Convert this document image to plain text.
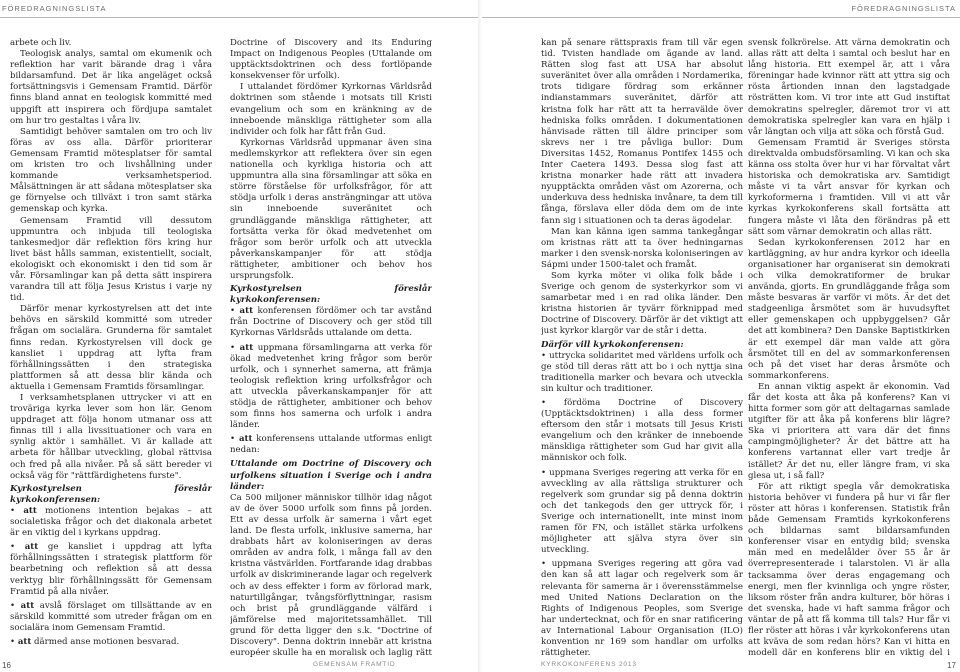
FÖREDRAGNINGSLISTA	FÖREDRAGNINGSLISTA

arbete och liv.

Teologisk analys, samtal om ekumenik och reflektion har varit bärande drag i våra bildarsamfund. Det är lika angeläget också fortsättningsvis i Gemensam Framtid. Därför finns bland annat en teologisk kommitté med uppgift att inspirera och fördjupa samtalet om hur tro gestaltas i våra liv.

Samtidigt behöver samtalen om tro och liv föras av oss alla. Därför prioriterar Gemensam Framtid mötesplatser för samtal om kristen tro och livshållning under kommande verksamhetsperiod. Målsättningen är att sådana mötesplatser ska ge förnyelse och tillväxt i tron samt stärka gemenskap och kyrka.

Gemensam Framtid vill dessutom uppmuntra och inbjuda till teologiska tankesmedjor där reflektion förs kring hur livet bäst hålls samman, existentiellt, socialt, ekologiskt och ekonomiskt i den tid som är vår. Församlingar kan på detta sätt inspirera varandra till att följa Jesus Kristus i varje ny tid.

Därför menar kyrkostyrelsen att det inte behövs en särskild kommitté som utreder frågan om socialära. Grunderna för samtalet finns redan. Kyrkostyrelsen vill dock ge kansliet i uppdrag att lyfta fram förhållningssätten i den strategiska plattformen så att dessa blir kända och aktuella i Gemensam Framtids församlingar.

I verksamhetsplanen uttrycker vi att en troväriga kyrka lever som hon lär. Genom uppdraget att följa honom utmanar oss att finnas till i alla livssituationer och vara en synlig aktör i samhället. Vi är kallade att arbeta för hållbar utveckling, global rättvisa och fred på alla nivåer. På så sätt bereder vi också väg för "rättfärdighetens furste".

Kyrkostyrelsen föreslår kyrkokonferensen:
• att motionens intention bejakas – att socialetiska frågor och det diakonala arbetet är en viktig del i kyrkans uppdrag.
• att ge kansliet i uppdrag att lyfta förhållningssätten i strategisk plattform för bearbetning och reflektion så att dessa verktyg blir förhållningssätt för Gemensam Framtid på alla nivåer.
• att avslå förslaget om tillsättande av en särskild kommitté som utreder frågan om en socialära inom Gemensam Framtid.
• att därmed anse motionen besvarad.

Doctrine of Discovery and its Enduring Impact on Indigenous Peoples (Uttalande om upptäcktsdoktrinen och dess fortlöpande konsekvenser för urfolk).

I uttalandet fördömer Kyrkornas Världsråd doktrinen som stående i motsats till Kristi evangelium och som en kränkning av de inneboende mänskliga rättigheter som alla individer och folk har fått från Gud.

Kyrkornas Världsråd uppmanar även sina medlemskyrkor att reflektera över sin egen nationella och kyrkliga historia och att uppmuntra alla sina församlingar att söka en större förståelse för urfolksfrågor, för att stödja urfolk i deras ansträngningar att utöva sin inneboende suveränitet och grundläggande mänskliga rättigheter, att fortsätta verka för ökad medvetenhet om frågor som berör urfolk och att utveckla påverkanskampanjer för att stödja rättigheter, ambitioner och behov hos ursprungsfolk.

Kyrkostyrelsen föreslår kyrkokonferensen:
• att konferensen fördömer och tar avstånd från Doctrine of Discovery och ger stöd till Kyrkornas Världsråds uttalande om detta.
• att uppmana församlingarna att verka för ökad medvetenhet kring frågor som berör urfolk, och i synnerhet samerna, att främja teologisk reflektion kring urfolksfrågor och att utveckla påverkanskampanjer för att stödja de rättigheter, ambitioner och behov som finns hos samerna och urfolk i andra länder.
• att konferensens uttalande utformas enligt nedan:
Uttalande om Doctrine of Discovery och urfolkens situation i Sverige och i andra länder:

Ca 500 miljoner människor tillhör idag något av de över 5000 urfolk som finns på jorden. Ett av dessa urfolk är samerna i vårt eget land. De flesta urfolk, inklusive samerna, har drabbats hårt av koloniseringen av deras områden av andra folk, i många fall av den kristna västvärlden. Fortfarande idag drabbas urfolk av diskriminerande lagar och regelverk och av dess effekter i form av förlorad mark, naturtillgångar, tvångsförflyttningar, rasism och brist på grundläggande välfärd i jämförelse med majoritetssamhället. Till grund för detta ligger den s.k. "Doctrine of Discovery". Denna doktrin innebär att kristna européer skulle ha en moralisk och laglig rätt

kan på senare rättspraxis fram till vår egen tid. Tvisten handlade om ägande av land. Rätten slog fast att USA har absolut suveränitet över alla områden i Nordamerika, trots tidigare fördrag som erkänner indianstammars suveränitet, därför att kristna folk har rätt att ta herravälde över hedniska folks områden. I dokumentationen hänvisade rätten till äldre principer som skrevs ner i tre påvliga bullor: Dum Diversitas 1452, Romanus Pontifex 1455 och Inter Caetera 1493. Dessa slog fast att kristna monarker hade rätt att invadera nyupptäckta områden väst om Azorerna, och underkuva dess hedniska invånare, ta dem till fånga, förslava eller döda dem om de inte fann sig i situationen och ta deras ägodelar.

Man kan känna igen samma tankegångar om kristnas rätt att ta över hedningarnas marker i den svensk-norska koloniseringen av Sápmi under 1500-talet och framåt.

Som kyrka möter vi olika folk både i Sverige och genom de systerkyrkor som vi samarbetar med i en rad olika länder. Den kristna historien är tyvärr förknippad med Doctrine of Discovery. Därför är det viktigt att just kyrkor klargör var de står i detta.

Därför vill kyrkokonferensen:
• uttrycka solidaritet med världens urfolk och ge stöd till deras rätt att bo i och nyttja sina traditionella marker och bevara och utveckla sin kultur och traditioner.
• fördöma Doctrine of Discovery (Upptäcktsdoktrinen) i alla dess former eftersom den står i motsats till Jesus Kristi evangelium och den kränker de inneboende mänskliga rättigheter som Gud har givit alla människor och folk.
• uppmana Sveriges regering att verka för en avveckling av alla rättsliga strukturer och regelverk som grundar sig på denna doktrin och det tankegods den ger uttryck för, i Sverige och internationellt, inte minst inom ramen för FN, och istället stärka urfolkens möjligheter att själva styra över sin utveckling.
• uppmana Sveriges regering att göra vad den kan så att lagar och regelverk som är relevanta för samerna är i överensstämmelse med United Nations Declaration on the Rights of Indigenous Peoples, som Sverige har undertecknat, och för en snar ratificering av International Labour Organisation (ILO) konvention nr 169 som handlar om urfolks rättigheter.

svensk folkrörelse. Att värna demokratin och allas rätt att delta i samtal och beslut har en lång historia. Ett exempel är, att i våra föreningar hade kvinnor rätt att yttra sig och rösta årtionden innan den lagstadgade rösträtten kom. Vi tror inte att Gud instiftat demokratins spelregler, däremot tror vi att demokratiska spelregler kan vara en hjälp i vår längtan och vilja att söka och förstå Gud.

Gemensam Framtid är Sveriges största direktvalda ombudsförsamling. Vi kan och ska känna oss stolta över hur vi har förvaltat vårt historiska och demokratiska arv. Samtidigt måste vi ta vårt ansvar för kyrkan och kyrkoformerna i framtiden. Vill vi att vår kyrkas kyrkokonferens skall fortsätta att fungera måste vi låta den förändras på ett sätt som värnar demokratin och allas rätt.

Sedan kyrkokonferensen 2012 har en kartläggning, av hur andra kyrkor och ideella organisationer har organiserat sin demokrati och vilka demokratiformer de brukar använda, gjorts. En grundläggande fråga som måste besvaras är varför vi möts. Är det det stadgeenliga årsmötet som är huvudsyftet eller gemenskapen och uppbyggelsen? Går det att kombinera? Den Danske Baptistkirken är ett exempel där man valde att göra årsmötet till en del av sommarkonferensen och på det viset har deras årsmöte och sommarkonferens.

En annan viktig aspekt är ekonomin. Vad får det kosta att åka på konferens? Kan vi hitta former som gör att deltagarnas samlade utgifter för att åka på konferens blir lägre? Ska vi prioritera att vara där det finns campingmöjligheter? Är det bättre att ha konferens vartannat eller vart tredje år istället? Är det nu, eller längre fram, vi ska glesa ut, i så fall?

För att riktigt spegla vår demokratiska historia behöver vi fundera på hur vi får fler röster att höras i konferensen. Statistik från både Gemensam Framtids kyrkokonferens och bildarnas samt bildarsamfunden konferenser visar en entydig bild; svenska män med en medelålder över 55 år är överrepresenterade i talarstolen. Vi är alla tacksamma över deras engagemang och energi, men fler kvinnliga och yngre röster, liksom röster från andra kulturer, bör höras i det svenska, hade vi haft samma frågor och väntar de på att få komma till tals? Hur får vi fler röster att höras i vår kyrkokonferens utan att kväva de som redan hörs? Kan vi hitta en modell där en konferens blir en viktig del i

16	GEMENSAM FRAMTID	KYRKOKONFERENS 2013	17
